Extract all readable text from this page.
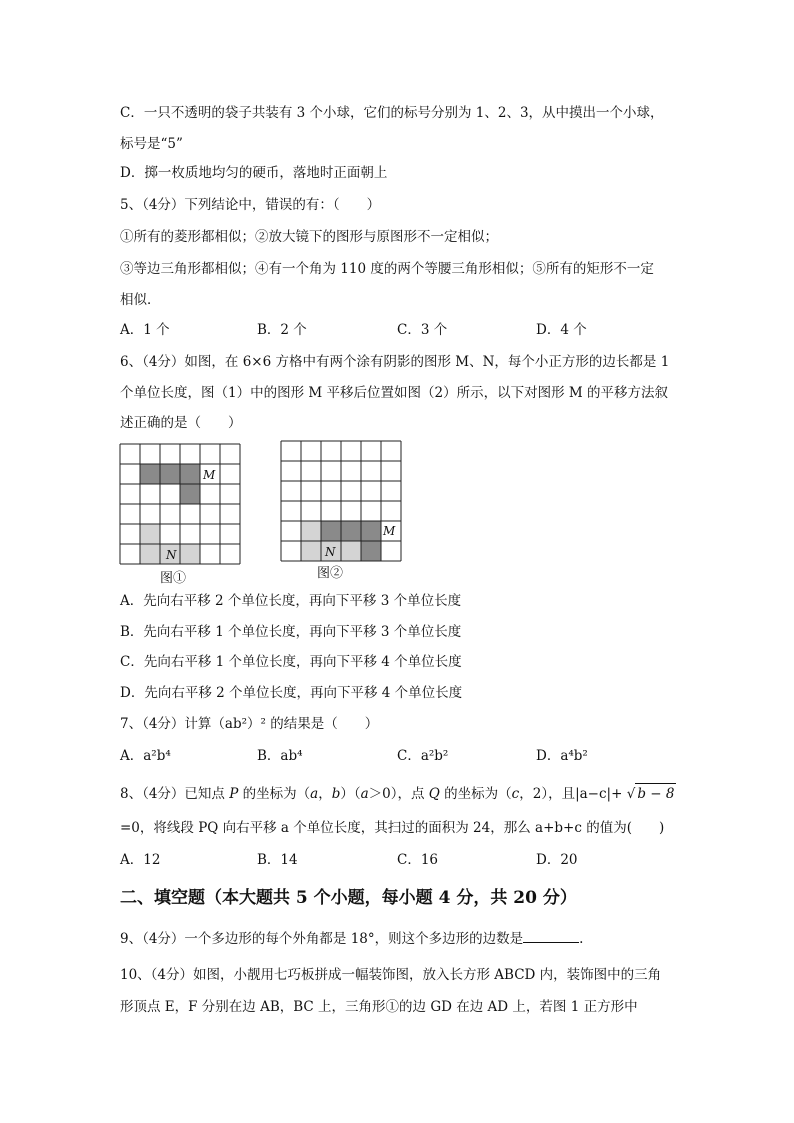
C．一只不透明的袋子共装有 3 个小球，它们的标号分别为 1、2、3，从中摸出一个小球，
标号是“5”
D．掷一枚质地均匀的硬币，落地时正面朝上
5、（4分）下列结论中，错误的有：（　　）
①所有的菱形都相似；②放大镜下的图形与原图形不一定相似；
③等边三角形都相似；④有一个角为 110 度的两个等腰三角形相似；⑤所有的矩形不一定
相似．
A．1 个	B．2 个	C．3 个	D．4 个
6、（4分）如图，在 6×6 方格中有两个涂有阴影的图形 M、N，每个小正方形的边长都是 1
个单位长度，图（1）中的图形 M 平移后位置如图（2）所示，以下对图形 M 的平移方法叙
述正确的是（　　）
M
N
图①
M
N
图②
A．先向右平移 2 个单位长度，再向下平移 3 个单位长度
B．先向右平移 1 个单位长度，再向下平移 3 个单位长度
C．先向右平移 1 个单位长度，再向下平移 4 个单位长度
D．先向右平移 2 个单位长度，再向下平移 4 个单位长度
7、（4分）计算（ab²）² 的结果是（　　）
A．a²b⁴	B．ab⁴	C．a²b²	D．a⁴b²
8、（4分）已知点 P 的坐标为（a，b）（a＞0），点 Q 的坐标为（c，2），且|a−c|+ √ b − 8
=0，将线段 PQ 向右平移 a 个单位长度，其扫过的面积为 24，那么 a+b+c 的值为(　　)
A．12	B．14	C．16	D．20
二、填空题（本大题共 5 个小题，每小题 4 分，共 20 分）
9、（4分）一个多边形的每个外角都是 18°，则这个多边形的边数是	.
10、（4分）如图，小靓用七巧板拼成一幅装饰图，放入长方形 ABCD 内，装饰图中的三角
形顶点 E，F 分别在边 AB，BC 上，三角形①的边 GD 在边 AD 上，若图 1 正方形中
